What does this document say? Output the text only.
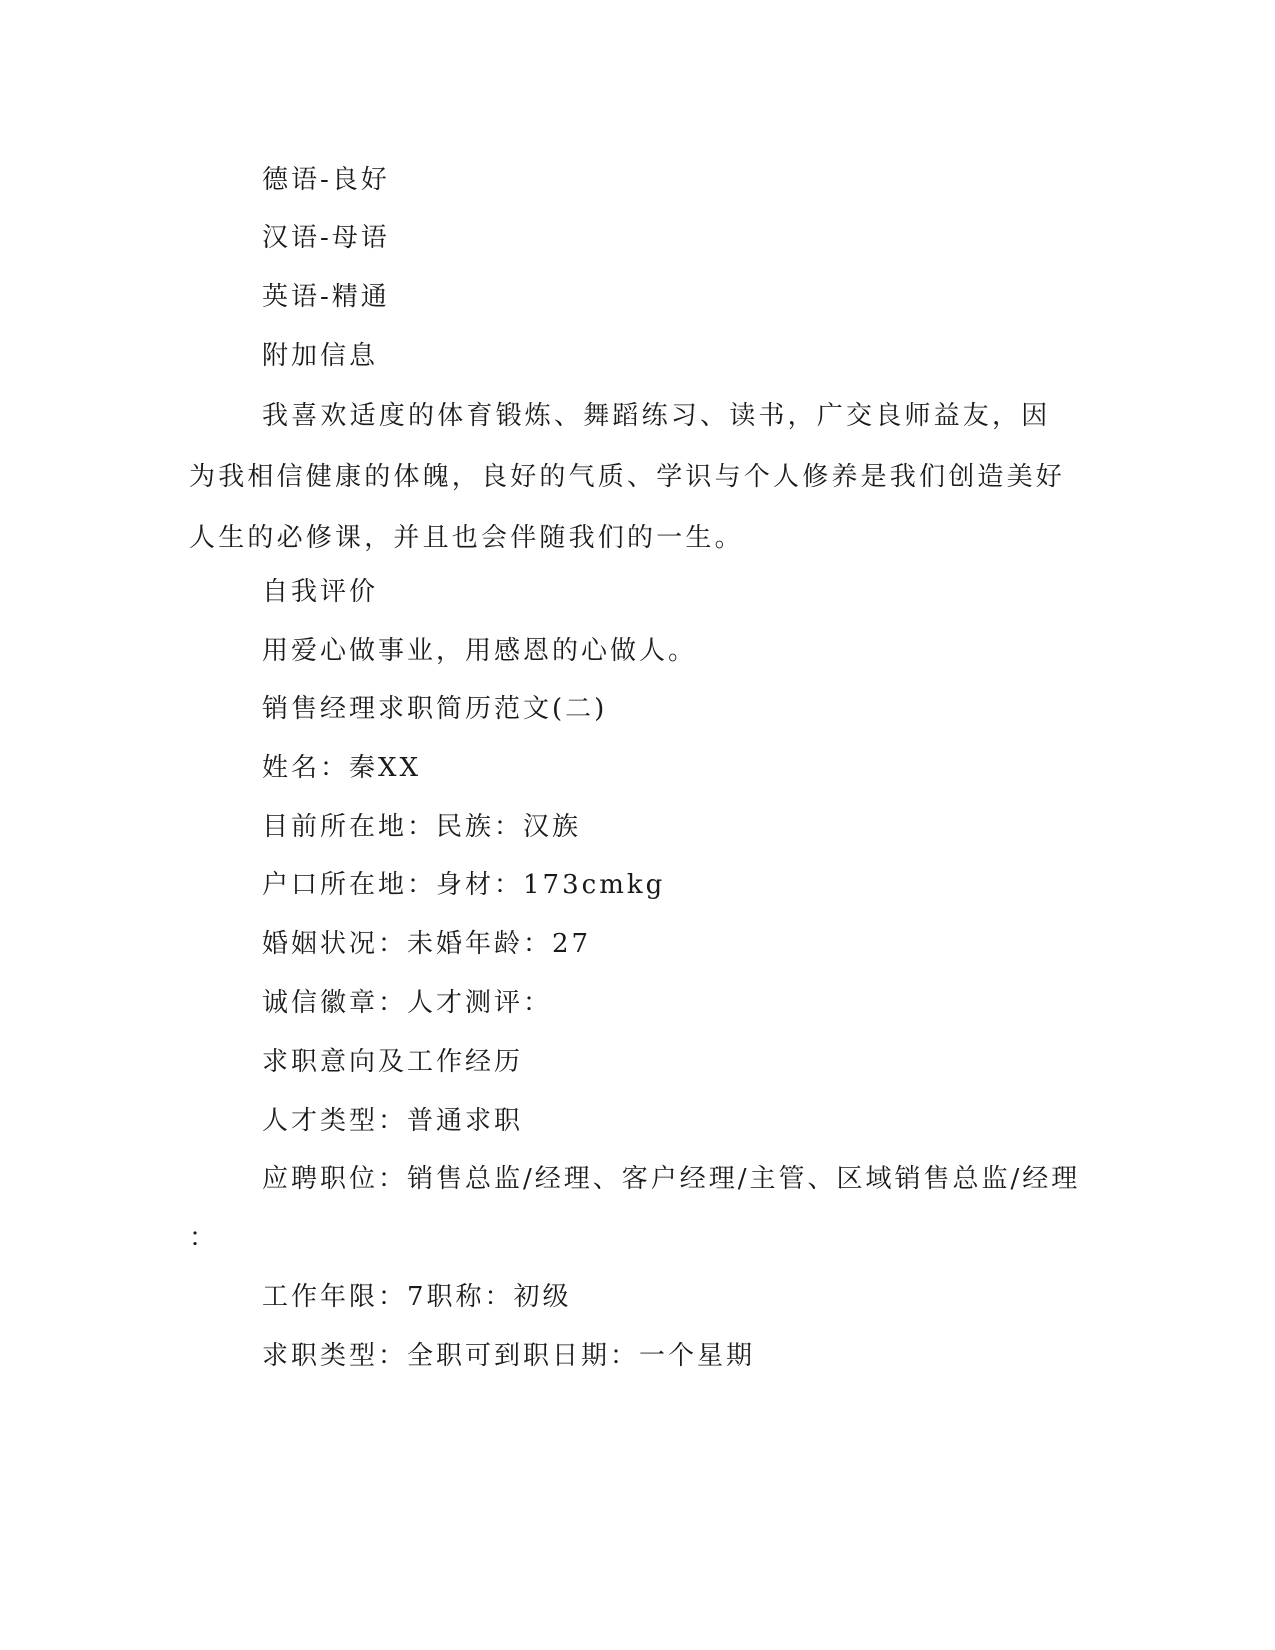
德语-良好

汉语-母语

英语-精通

附加信息

我喜欢适度的体育锻炼、舞蹈练习、读书，广交良师益友，因为我相信健康的体魄，良好的气质、学识与个人修养是我们创造美好人生的必修课，并且也会伴随我们的一生。

自我评价

用爱心做事业，用感恩的心做人。

销售经理求职简历范文(二)

姓名：秦XX

目前所在地：民族：汉族

户口所在地：身材：173cmkg

婚姻状况：未婚年龄：27

诚信徽章：人才测评：

求职意向及工作经历

人才类型：普通求职

应聘职位：销售总监/经理、客户经理/主管、区域销售总监/经理

：

工作年限：7职称：初级

求职类型：全职可到职日期：一个星期
